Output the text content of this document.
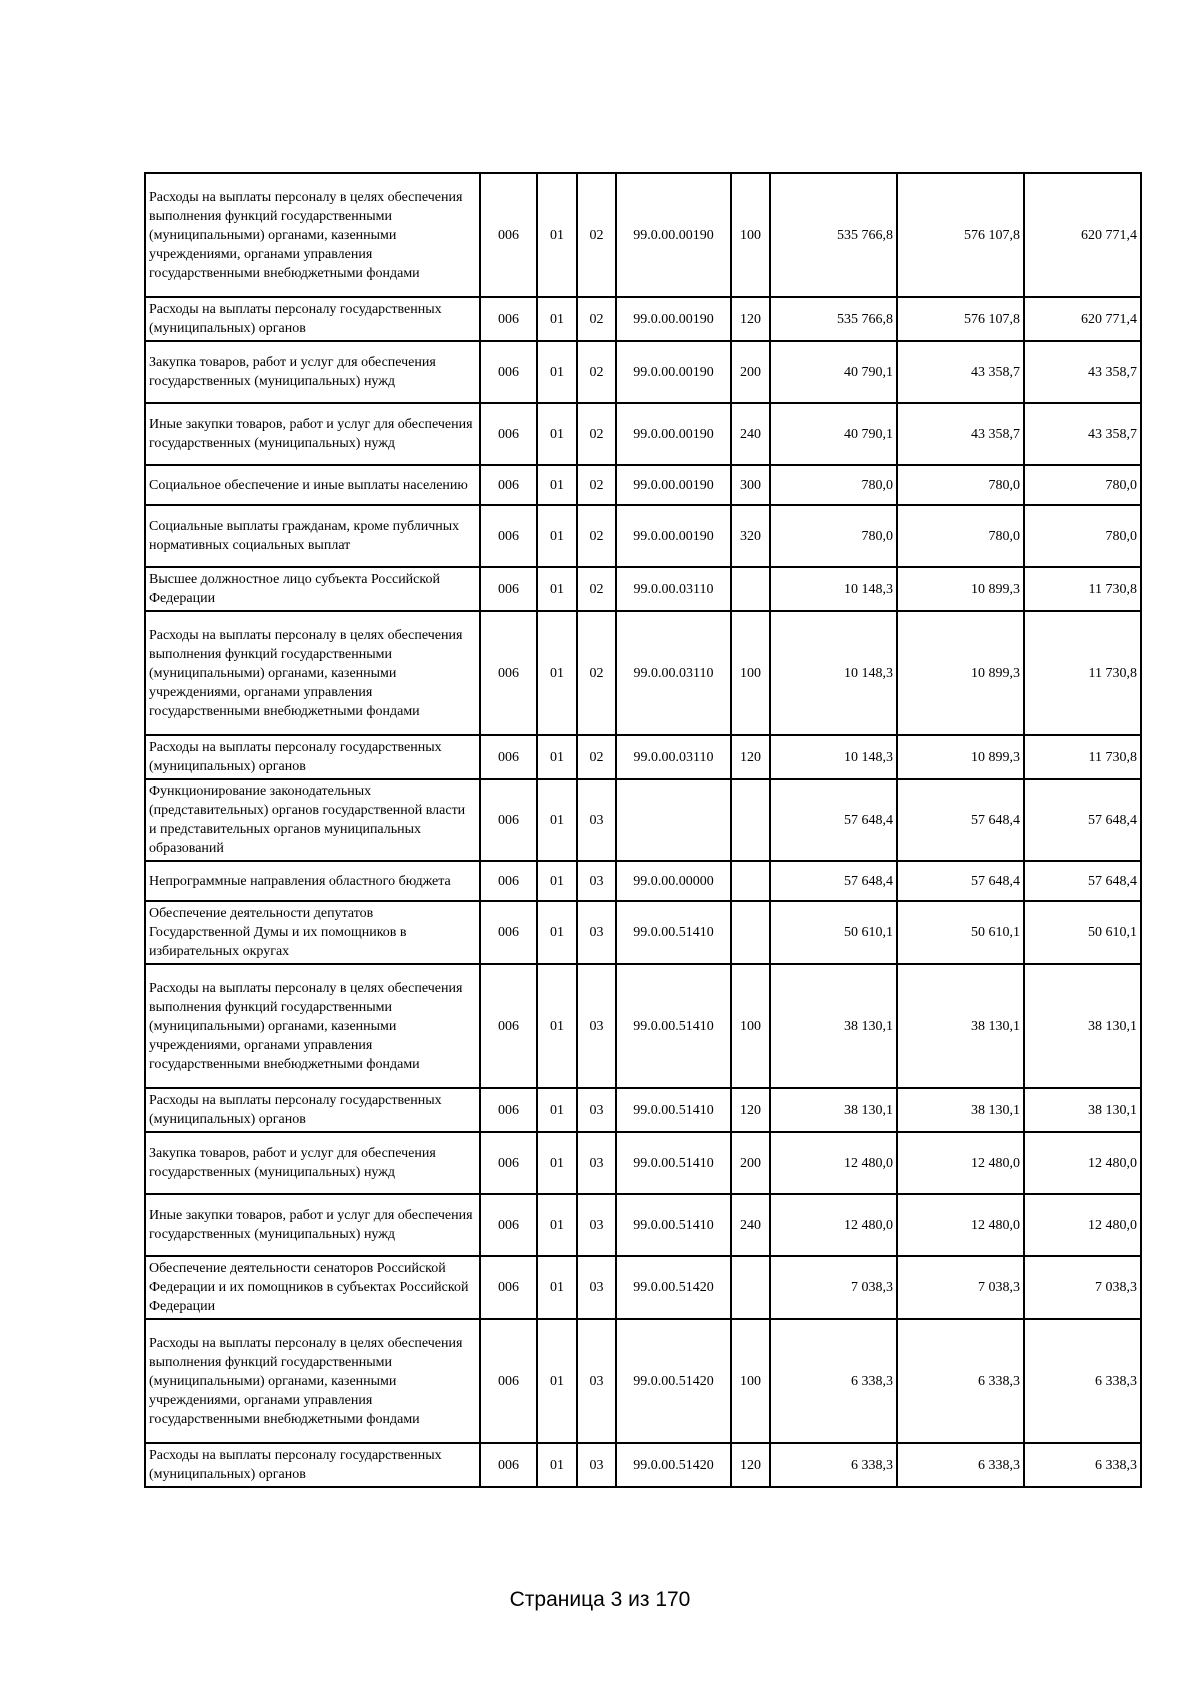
Расходы на выплаты персоналу в целях обеспечения выполнения функций государственными (муниципальными) органами, казенными учреждениями, органами управления государственными внебюджетными фондами	006	01	02	99.0.00.00190	100	535 766,8	576 107,8	620 771,4
Расходы на выплаты персоналу государственных (муниципальных) органов	006	01	02	99.0.00.00190	120	535 766,8	576 107,8	620 771,4
Закупка товаров, работ и услуг для обеспечения государственных (муниципальных) нужд	006	01	02	99.0.00.00190	200	40 790,1	43 358,7	43 358,7
Иные закупки товаров, работ и услуг для обеспечения государственных (муниципальных) нужд	006	01	02	99.0.00.00190	240	40 790,1	43 358,7	43 358,7
Социальное обеспечение и иные выплаты населению	006	01	02	99.0.00.00190	300	780,0	780,0	780,0
Социальные выплаты гражданам, кроме публичных нормативных социальных выплат	006	01	02	99.0.00.00190	320	780,0	780,0	780,0
Высшее должностное лицо субъекта Российской Федерации	006	01	02	99.0.00.03110		10 148,3	10 899,3	11 730,8
Расходы на выплаты персоналу в целях обеспечения выполнения функций государственными (муниципальными) органами, казенными учреждениями, органами управления государственными внебюджетными фондами	006	01	02	99.0.00.03110	100	10 148,3	10 899,3	11 730,8
Расходы на выплаты персоналу государственных (муниципальных) органов	006	01	02	99.0.00.03110	120	10 148,3	10 899,3	11 730,8
Функционирование законодательных (представительных) органов государственной власти и представительных органов муниципальных образований	006	01	03			57 648,4	57 648,4	57 648,4
Непрограммные направления областного бюджета	006	01	03	99.0.00.00000		57 648,4	57 648,4	57 648,4
Обеспечение деятельности депутатов Государственной Думы и их помощников в избирательных округах	006	01	03	99.0.00.51410		50 610,1	50 610,1	50 610,1
Расходы на выплаты персоналу в целях обеспечения выполнения функций государственными (муниципальными) органами, казенными учреждениями, органами управления государственными внебюджетными фондами	006	01	03	99.0.00.51410	100	38 130,1	38 130,1	38 130,1
Расходы на выплаты персоналу государственных (муниципальных) органов	006	01	03	99.0.00.51410	120	38 130,1	38 130,1	38 130,1
Закупка товаров, работ и услуг для обеспечения государственных (муниципальных) нужд	006	01	03	99.0.00.51410	200	12 480,0	12 480,0	12 480,0
Иные закупки товаров, работ и услуг для обеспечения государственных (муниципальных) нужд	006	01	03	99.0.00.51410	240	12 480,0	12 480,0	12 480,0
Обеспечение деятельности сенаторов Российской Федерации и их помощников в субъектах Российской Федерации	006	01	03	99.0.00.51420		7 038,3	7 038,3	7 038,3
Расходы на выплаты персоналу в целях обеспечения выполнения функций государственными (муниципальными) органами, казенными учреждениями, органами управления государственными внебюджетными фондами	006	01	03	99.0.00.51420	100	6 338,3	6 338,3	6 338,3
Расходы на выплаты персоналу государственных (муниципальных) органов	006	01	03	99.0.00.51420	120	6 338,3	6 338,3	6 338,3
Страница 3 из 170
